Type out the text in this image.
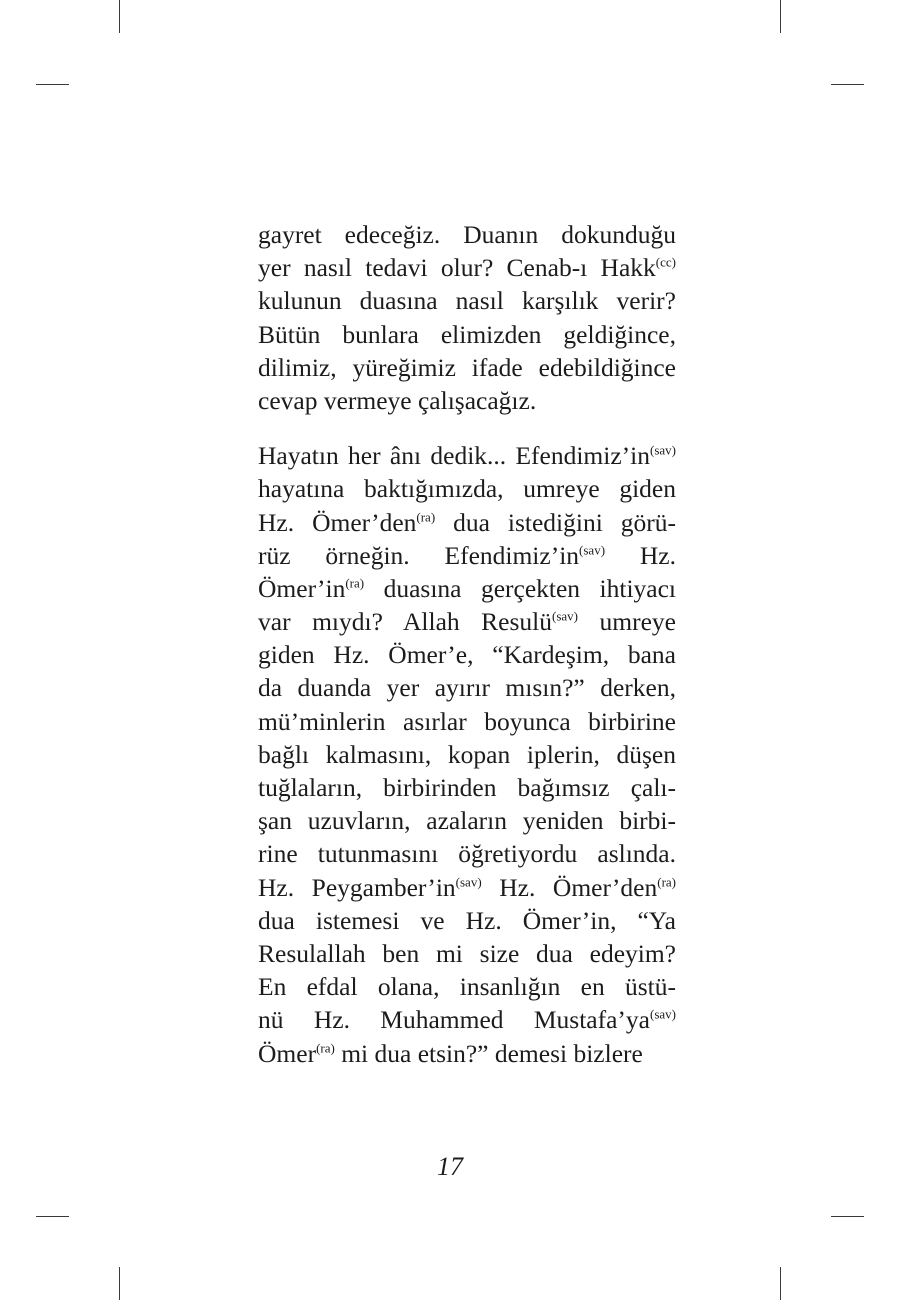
gayret edeceğiz. Duanın dokunduğu
yer nasıl tedavi olur? Cenab-ı Hakk$^{(cc)}$
kulunun duasına nasıl karşılık verir?
Bütün bunlara elimizden geldiğince,
dilimiz, yüreğimiz ifade edebildiğince
cevap vermeye çalışacağız.
Hayatın her ânı dedik... $Efendimiz’in^{(sav)}$
hayatına baktığımızda, umreye giden
Hz. Ömer’den$^{(ra)}$ dua istediğini görü-
rüz örneğin. $Efendimiz’in^{(sav)}$ Hz.
$Ömer’in^{(ra)}$ duasına gerçekten ihtiyacı
var mıydı? Allah Resulü$^{(sav)}$ umreye
giden Hz. Ömer’e, “Kardeşim, bana
da duanda yer ayırır mısın?” derken,
mü’minlerin asırlar boyunca birbirine
bağlı kalmasını, kopan iplerin, düşen
tuğlaların, birbirinden bağımsız çalı-
şan uzuvların, azaların yeniden birbi-
rine tutunmasını öğretiyordu aslında.
Hz. $Peygamber’in^{(sav)}$ Hz. Ömer’den$^{(ra)}$
dua istemesi ve Hz. Ömer’in, “Ya
Resulallah ben mi size dua edeyim?
En efdal olana, insanlığın en üstü-
nü Hz. Muhammed $Mustafa’ya^{(sav)}$
Ömer$^{(ra)}$ mi dua etsin?” demesi bizlere
17
